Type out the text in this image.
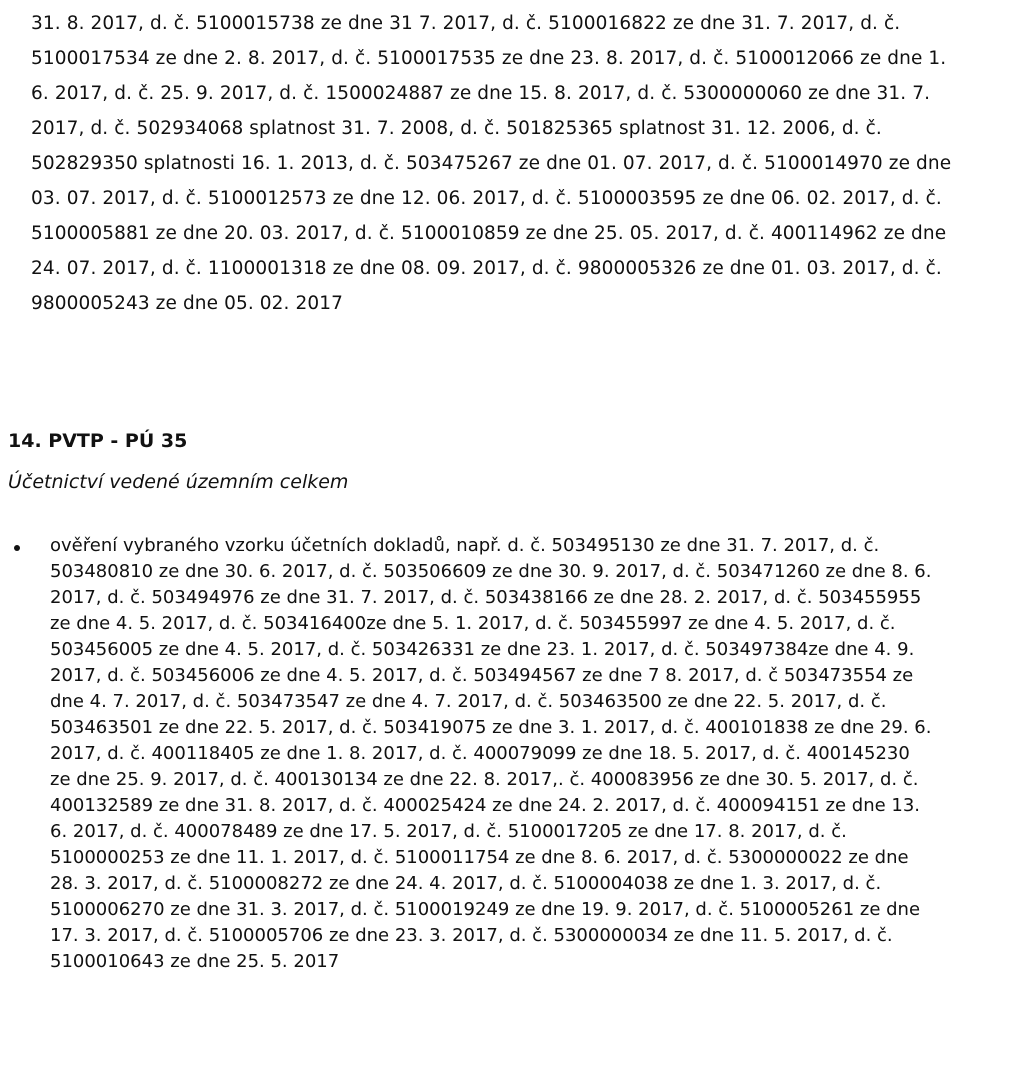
31. 8. 2017, d. č. 5100015738 ze dne 31 7. 2017, d. č. 5100016822 ze dne 31. 7. 2017, d. č.
5100017534 ze dne 2. 8. 2017, d. č. 5100017535 ze dne 23. 8. 2017, d. č. 5100012066 ze dne 1.
6. 2017, d. č. 25. 9. 2017, d. č. 1500024887 ze dne 15. 8. 2017, d. č. 5300000060 ze dne 31. 7.
2017, d. č. 502934068 splatnost 31. 7. 2008, d. č. 501825365 splatnost 31. 12. 2006, d. č.
502829350 splatnosti 16. 1. 2013, d. č. 503475267 ze dne 01. 07. 2017, d. č. 5100014970 ze dne
03. 07. 2017, d. č. 5100012573 ze dne 12. 06. 2017, d. č. 5100003595 ze dne 06. 02. 2017, d. č.
5100005881 ze dne 20. 03. 2017, d. č. 5100010859 ze dne 25. 05. 2017, d. č. 400114962 ze dne
24. 07. 2017, d. č. 1100001318 ze dne 08. 09. 2017, d. č. 9800005326 ze dne 01. 03. 2017, d. č.
9800005243 ze dne 05. 02. 2017
14. PVTP - PÚ 35
Účetnictví vedené územním celkem
ověření vybraného vzorku účetních dokladů, např. d. č. 503495130 ze dne 31. 7. 2017, d. č.
503480810 ze dne 30. 6. 2017, d. č. 503506609 ze dne 30. 9. 2017, d. č. 503471260 ze dne 8. 6.
2017, d. č. 503494976 ze dne 31. 7. 2017, d. č. 503438166 ze dne 28. 2. 2017, d. č. 503455955
ze dne 4. 5. 2017, d. č. 503416400ze dne 5. 1. 2017, d. č. 503455997 ze dne 4. 5. 2017, d. č.
503456005 ze dne 4. 5. 2017, d. č. 503426331 ze dne 23. 1. 2017, d. č. 503497384ze dne 4. 9.
2017, d. č. 503456006 ze dne 4. 5. 2017, d. č. 503494567 ze dne 7 8. 2017, d. č 503473554 ze
dne 4. 7. 2017, d. č. 503473547 ze dne 4. 7. 2017, d. č. 503463500 ze dne 22. 5. 2017, d. č.
503463501 ze dne 22. 5. 2017, d. č. 503419075 ze dne 3. 1. 2017, d. č. 400101838 ze dne 29. 6.
2017, d. č. 400118405 ze dne 1. 8. 2017, d. č. 400079099 ze dne 18. 5. 2017, d. č. 400145230
ze dne 25. 9. 2017, d. č. 400130134 ze dne 22. 8. 2017,. č. 400083956 ze dne 30. 5. 2017, d. č.
400132589 ze dne 31. 8. 2017, d. č. 400025424 ze dne 24. 2. 2017, d. č. 400094151 ze dne 13.
6. 2017, d. č. 400078489 ze dne 17. 5. 2017, d. č. 5100017205 ze dne 17. 8. 2017, d. č.
5100000253 ze dne 11. 1. 2017, d. č. 5100011754 ze dne 8. 6. 2017, d. č. 5300000022 ze dne
28. 3. 2017, d. č. 5100008272 ze dne 24. 4. 2017, d. č. 5100004038 ze dne 1. 3. 2017, d. č.
5100006270 ze dne 31. 3. 2017, d. č. 5100019249 ze dne 19. 9. 2017, d. č. 5100005261 ze dne
17. 3. 2017, d. č. 5100005706 ze dne 23. 3. 2017, d. č. 5300000034 ze dne 11. 5. 2017, d. č.
5100010643 ze dne 25. 5. 2017
